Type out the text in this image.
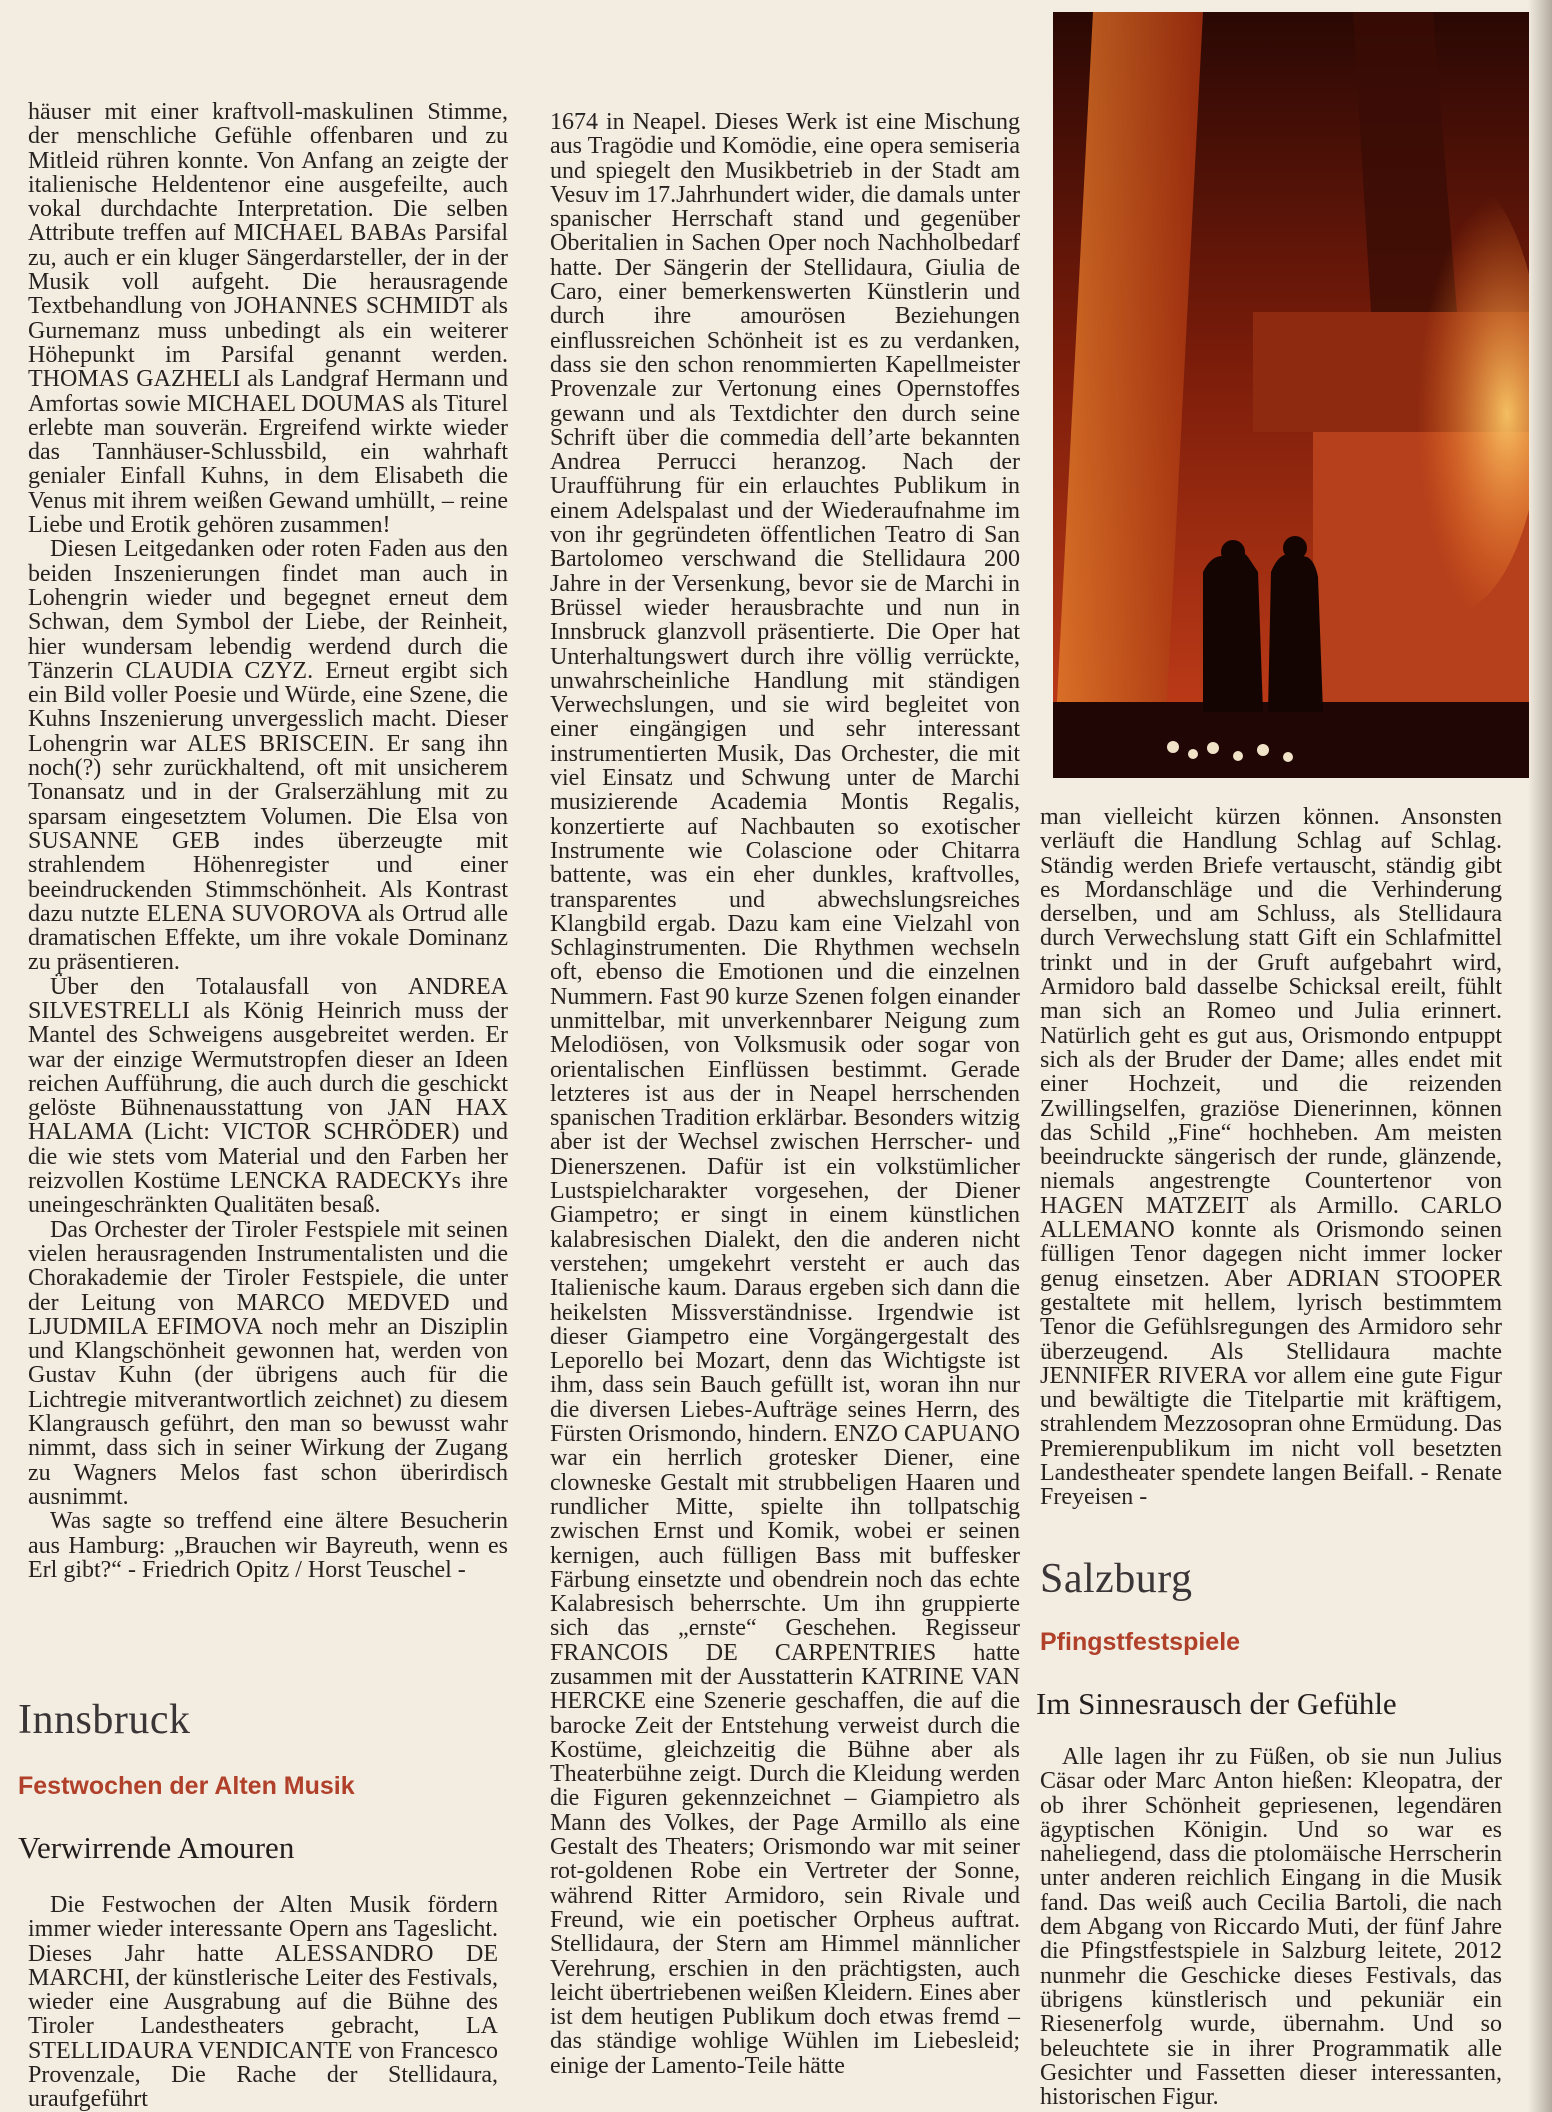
häuser mit einer kraftvoll-maskulinen Stimme, der menschliche Gefühle offenbaren und zu Mitleid rühren konnte. Von Anfang an zeigte der italienische Heldentenor eine ausgefeilte, auch vokal durchdachte Interpretation. Die selben Attribute treffen auf MICHAEL BABAs Parsifal zu, auch er ein kluger Sängerdarsteller, der in der Musik voll aufgeht. Die herausragende Textbehandlung von JOHANNES SCHMIDT als Gurnemanz muss unbedingt als ein weiterer Höhepunkt im Parsifal genannt werden. THOMAS GAZHELI als Landgraf Hermann und Amfortas sowie MICHAEL DOUMAS als Titurel erlebte man souverän. Ergreifend wirkte wieder das Tannhäuser-Schlussbild, ein wahrhaft genialer Einfall Kuhns, in dem Elisabeth die Venus mit ihrem weißen Gewand umhüllt, – reine Liebe und Erotik gehören zusammen!

Diesen Leitgedanken oder roten Faden aus den beiden Inszenierungen findet man auch in Lohengrin wieder und begegnet erneut dem Schwan, dem Symbol der Liebe, der Reinheit, hier wundersam lebendig werdend durch die Tänzerin CLAUDIA CZYZ. Erneut ergibt sich ein Bild voller Poesie und Würde, eine Szene, die Kuhns Inszenierung unvergesslich macht. Dieser Lohengrin war ALES BRISCEIN. Er sang ihn noch(?) sehr zurückhaltend, oft mit unsicherem Tonansatz und in der Gralserzählung mit zu sparsam eingesetztem Volumen. Die Elsa von SUSANNE GEB indes überzeugte mit strahlendem Höhenregister und einer beeindruckenden Stimmschönheit. Als Kontrast dazu nutzte ELENA SUVOROVA als Ortrud alle dramatischen Effekte, um ihre vokale Dominanz zu präsentieren.

Über den Totalausfall von ANDREA SILVESTRELLI als König Heinrich muss der Mantel des Schweigens ausgebreitet werden. Er war der einzige Wermutstropfen dieser an Ideen reichen Aufführung, die auch durch die geschickt gelöste Bühnenausstattung von JAN HAX HALAMA (Licht: VICTOR SCHRÖDER) und die wie stets vom Material und den Farben her reizvollen Kostüme LENCKA RADECKYs ihre uneingeschränkten Qualitäten besaß.

Das Orchester der Tiroler Festspiele mit seinen vielen herausragenden Instrumentalisten und die Chorakademie der Tiroler Festspiele, die unter der Leitung von MARCO MEDVED und LJUDMILA EFIMOVA noch mehr an Disziplin und Klangschönheit gewonnen hat, werden von Gustav Kuhn (der übrigens auch für die Lichtregie mitverantwortlich zeichnet) zu diesem Klangrausch geführt, den man so bewusst wahr nimmt, dass sich in seiner Wirkung der Zugang zu Wagners Melos fast schon überirdisch ausnimmt.

Was sagte so treffend eine ältere Besucherin aus Hamburg: „Brauchen wir Bayreuth, wenn es Erl gibt?“ - Friedrich Opitz / Horst Teuschel -

Innsbruck
Festwochen der Alten Musik
Verwirrende Amouren

Die Festwochen der Alten Musik fördern immer wieder interessante Opern ans Tageslicht. Dieses Jahr hatte ALESSANDRO DE MARCHI, der künstlerische Leiter des Festivals, wieder eine Ausgrabung auf die Bühne des Tiroler Landestheaters gebracht, LA STELLIDAURA VENDICANTE von Francesco Provenzale, Die Rache der Stellidaura, uraufgeführt

1674 in Neapel. Dieses Werk ist eine Mischung aus Tragödie und Komödie, eine opera semiseria und spiegelt den Musikbetrieb in der Stadt am Vesuv im 17.Jahrhundert wider, die damals unter spanischer Herrschaft stand und gegenüber Oberitalien in Sachen Oper noch Nachholbedarf hatte. Der Sängerin der Stellidaura, Giulia de Caro, einer bemerkenswerten Künstlerin und durch ihre amourösen Beziehungen einflussreichen Schönheit ist es zu verdanken, dass sie den schon renommierten Kapellmeister Provenzale zur Vertonung eines Opernstoffes gewann und als Textdichter den durch seine Schrift über die commedia dell’arte bekannten Andrea Perrucci heranzog. Nach der Uraufführung für ein erlauchtes Publikum in einem Adelspalast und der Wiederaufnahme im von ihr gegründeten öffentlichen Teatro di San Bartolomeo verschwand die Stellidaura 200 Jahre in der Versenkung, bevor sie de Marchi in Brüssel wieder herausbrachte und nun in Innsbruck glanzvoll präsentierte. Die Oper hat Unterhaltungswert durch ihre völlig verrückte, unwahrscheinliche Handlung mit ständigen Verwechslungen, und sie wird begleitet von einer eingängigen und sehr interessant instrumentierten Musik, Das Orchester, die mit viel Einsatz und Schwung unter de Marchi musizierende Academia Montis Regalis, konzertierte auf Nachbauten so exotischer Instrumente wie Colascione oder Chitarra battente, was ein eher dunkles, kraftvolles, transparentes und abwechslungsreiches Klangbild ergab. Dazu kam eine Vielzahl von Schlaginstrumenten. Die Rhythmen wechseln oft, ebenso die Emotionen und die einzelnen Nummern. Fast 90 kurze Szenen folgen einander unmittelbar, mit unverkennbarer Neigung zum Melodiösen, von Volksmusik oder sogar von orientalischen Einflüssen bestimmt. Gerade letzteres ist aus der in Neapel herrschenden spanischen Tradition erklärbar. Besonders witzig aber ist der Wechsel zwischen Herrscher- und Dienerszenen. Dafür ist ein volkstümlicher Lustspielcharakter vorgesehen, der Diener Giampetro; er singt in einem künstlichen kalabresischen Dialekt, den die anderen nicht verstehen; umgekehrt versteht er auch das Italienische kaum. Daraus ergeben sich dann die heikelsten Missverständnisse. Irgendwie ist dieser Giampetro eine Vorgängergestalt des Leporello bei Mozart, denn das Wichtigste ist ihm, dass sein Bauch gefüllt ist, woran ihn nur die diversen Liebes-Aufträge seines Herrn, des Fürsten Orismondo, hindern. ENZO CAPUANO war ein herrlich grotesker Diener, eine clowneske Gestalt mit strubbeligen Haaren und rundlicher Mitte, spielte ihn tollpatschig zwischen Ernst und Komik, wobei er seinen kernigen, auch fülligen Bass mit buffesker Färbung einsetzte und obendrein noch das echte Kalabresisch beherrschte. Um ihn gruppierte sich das „ernste“ Geschehen. Regisseur FRANCOIS DE CARPENTRIES hatte zusammen mit der Ausstatterin KATRINE VAN HERCKE eine Szenerie geschaffen, die auf die barocke Zeit der Entstehung verweist durch die Kostüme, gleichzeitig die Bühne aber als Theaterbühne zeigt. Durch die Kleidung werden die Figuren gekennzeichnet – Giampietro als Mann des Volkes, der Page Armillo als eine Gestalt des Theaters; Orismondo war mit seiner rot-goldenen Robe ein Vertreter der Sonne, während Ritter Armidoro, sein Rivale und Freund, wie ein poetischer Orpheus auftrat. Stellidaura, der Stern am Himmel männlicher Verehrung, erschien in den prächtigsten, auch leicht übertriebenen weißen Kleidern. Eines aber ist dem heutigen Publikum doch etwas fremd – das ständige wohlige Wühlen im Liebesleid; einige der Lamento-Teile hätte

man vielleicht kürzen können. Ansonsten verläuft die Handlung Schlag auf Schlag. Ständig werden Briefe vertauscht, ständig gibt es Mordanschläge und die Verhinderung derselben, und am Schluss, als Stellidaura durch Verwechslung statt Gift ein Schlafmittel trinkt und in der Gruft aufgebahrt wird, Armidoro bald dasselbe Schicksal ereilt, fühlt man sich an Romeo und Julia erinnert. Natürlich geht es gut aus, Orismondo entpuppt sich als der Bruder der Dame; alles endet mit einer Hochzeit, und die reizenden Zwillingselfen, graziöse Dienerinnen, können das Schild „Fine“ hochheben. Am meisten beeindruckte sängerisch der runde, glänzende, niemals angestrengte Countertenor von HAGEN MATZEIT als Armillo. CARLO ALLEMANO konnte als Orismondo seinen fülligen Tenor dagegen nicht immer locker genug einsetzen. Aber ADRIAN STOOPER gestaltete mit hellem, lyrisch bestimmtem Tenor die Gefühlsregungen des Armidoro sehr überzeugend. Als Stellidaura machte JENNIFER RIVERA vor allem eine gute Figur und bewältigte die Titelpartie mit kräftigem, strahlendem Mezzosopran ohne Ermüdung. Das Premierenpublikum im nicht voll besetzten Landestheater spendete langen Beifall. - Renate Freyeisen -

Salzburg
Pfingstfestspiele
Im Sinnesrausch der Gefühle

Alle lagen ihr zu Füßen, ob sie nun Julius Cäsar oder Marc Anton hießen: Kleopatra, der ob ihrer Schönheit gepriesenen, legendären ägyptischen Königin. Und so war es naheliegend, dass die ptolomäische Herrscherin unter anderen reichlich Eingang in die Musik fand. Das weiß auch Cecilia Bartoli, die nach dem Abgang von Riccardo Muti, der fünf Jahre die Pfingstfestspiele in Salzburg leitete, 2012 nunmehr die Geschicke dieses Festivals, das übrigens künstlerisch und pekuniär ein Riesenerfolg wurde, übernahm. Und so beleuchtete sie in ihrer Programmatik alle Gesichter und Fassetten dieser interessanten, historischen Figur.
